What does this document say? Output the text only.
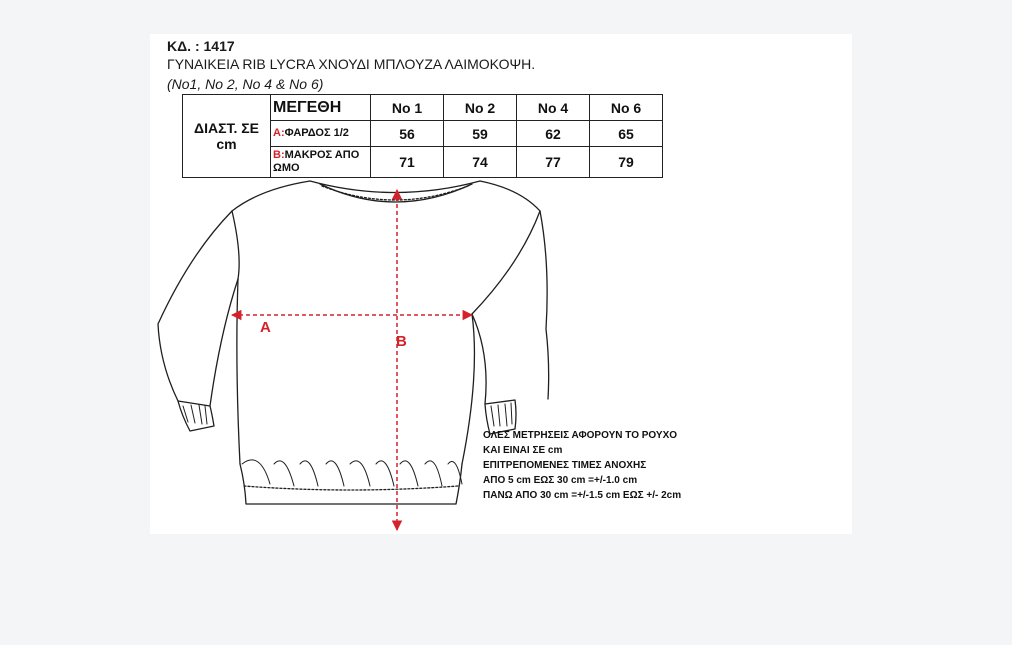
ΚΔ. : 1417
ΓΥΝΑΙΚΕΙΑ RIB LYCRA ΧΝΟΥΔΙ ΜΠΛΟΥΖΑ ΛΑΙΜΟΚΟΨΗ.
(No1, No 2, No 4 & No 6)
ΔΙΑΣΤ. ΣΕ cm	ΜΕΓΕΘΗ	No 1	No 2	No 4	No 6
	A:ΦΑΡΔΟΣ 1/2	56	59	62	65
	B:ΜΑΚΡΟΣ ΑΠΟ ΩΜΟ	71	74	77	79
A
B
ΟΛΕΣ ΜΕΤΡΗΣΕΙΣ ΑΦΟΡΟΥΝ ΤΟ ΡΟΥΧΟ
ΚΑΙ ΕΙΝΑΙ ΣΕ cm
ΕΠΙΤΡΕΠΟΜΕΝΕΣ ΤΙΜΕΣ ΑΝΟΧΗΣ
ΑΠΟ 5 cm ΕΩΣ 30 cm =+/-1.0 cm
ΠΑΝΩ ΑΠΟ 30 cm =+/-1.5 cm ΕΩΣ +/- 2cm
